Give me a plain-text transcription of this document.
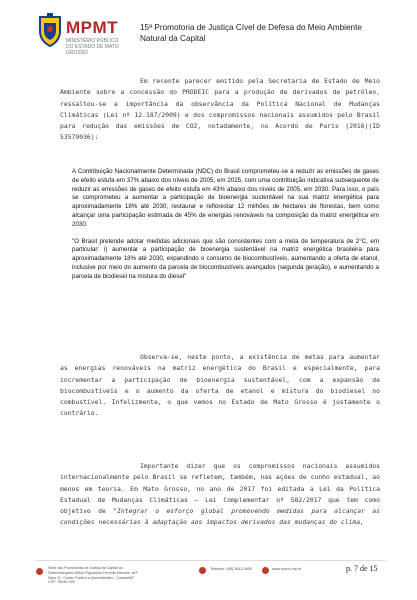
MPMT
MINISTÉRIO PÚBLICO DO ESTADO DE MATO GROSSO
15ª Promotoria de Justiça Cível de Defesa do Meio Ambiente Natural da Capital

Em recente parecer emitido pela Secretaria de Estado de Meio Ambiente sobre a concessão do PRODEIC para a produção de derivados de petróleo, ressaltou-se a importância da observância da Política Nacional de Mudanças Climáticas (Lei nº 12.187/2009) e dos compromissos nacionais assumidos pelo Brasil para redução das emissões de CO2, notadamente, no Acordo de Paris (2016)(ID 53579036):

A Contribuição Nacionalmente Determinada (NDC) do Brasil comprometeu-se a reduzir as emissões de gases de efeito estufa em 37% abaixo dos níveis de 2005, em 2025, com uma contribuição indicativa subsequente de reduzir as emissões de gases de efeito estufa em 43% abaixo dos níveis de 2005, em 2030. Para isso, o país se comprometeu a aumentar a participação de bioenergia sustentável na sua matriz energética para aproximadamente 18% até 2030, restaurar e reflorestar 12 milhões de hectares de florestas, bem como alcançar uma participação estimada de 45% de energias renováveis na composição da matriz energética em 2030.

"O Brasil pretende adotar medidas adicionais que são consistentes com a meta de temperatura de 2°C, em particular: i) aumentar a participação de bioenergia sustentável na matriz energética brasileira para aproximadamente 18% até 2030, expandindo o consumo de biocombustíveis, aumentando a oferta de etanol, inclusive por meio do aumento da parcela de biocombustíveis avançados (segunda geração), e aumentando a parcela de biodiesel na mistura do diesel"

Observa-se, neste ponto, a existência de metas para aumentar as energias renováveis na matriz energética do Brasil e especialmente, para incrementar a participação de bioenergia sustentável, com a expansão de biocombustíveis e o aumento da oferta de etanol e mistura do biodiesel no combustível. Infelizmente, o que vemos no Estado de Mato Grosso é justamente o contrário.

Importante dizer que os compromissos nacionais assumidos internacionalmente pelo Brasil se refletem, também, nas ações de cunho estadual, ao menos em teoria. Em Mato Grosso, no ano de 2017 foi editada a Lei da Política Estadual de Mudanças Climáticas – Lei Complementar nº 582/2017 que tem como objetivo de "Integrar o esforço global promovendo medidas para alcançar as condições necessárias à adaptação aos impactos derivados das mudanças do clima,

Sede das Promotorias de Justiça da Capital Av. Desembargador Milton Figueiredo Ferreira Mendes, s/nº Setor D - Centro Político e Administrativo - Cuiabá/MT CEP: 78049-928
Telefone: (65) 3611-0600	www.mpmt.mp.br	p. 7 de 15
